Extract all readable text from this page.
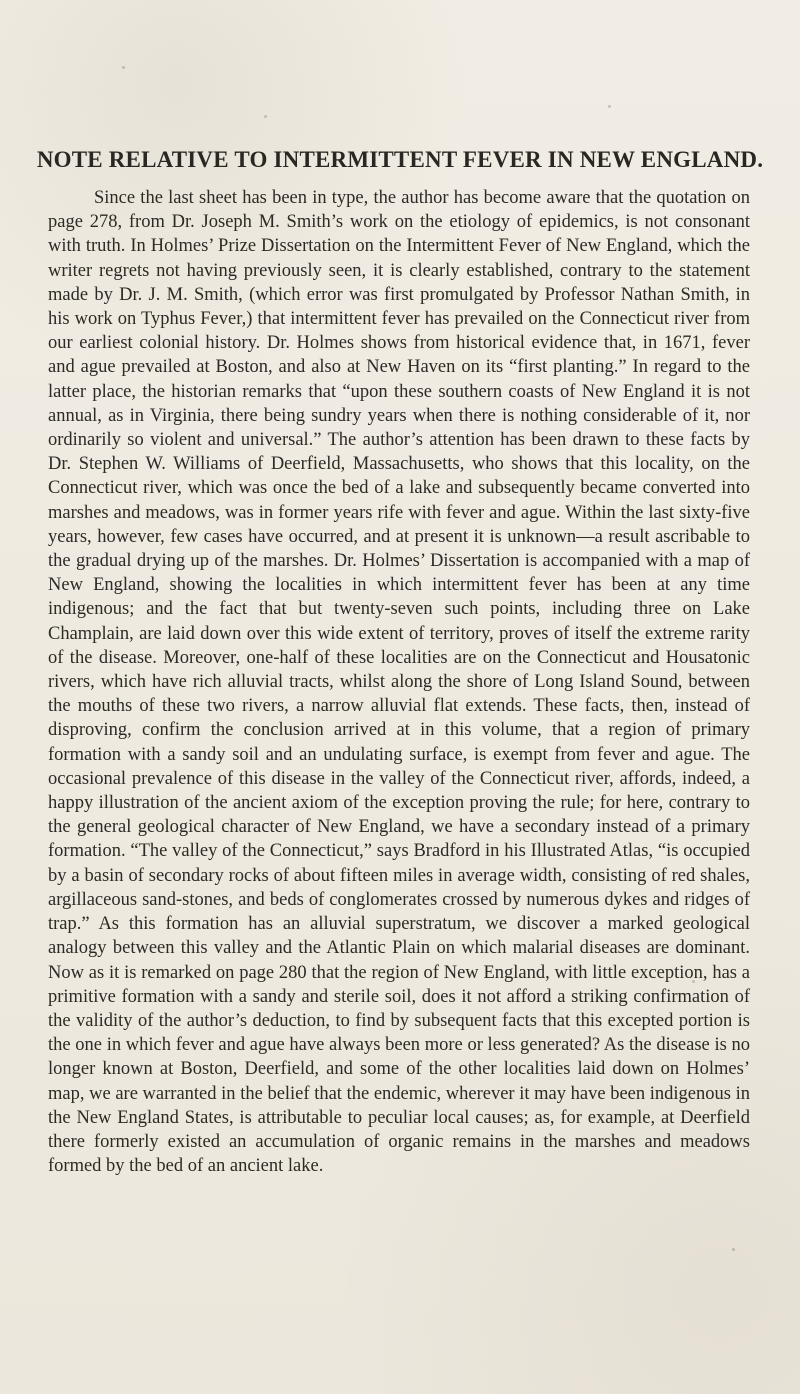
NOTE RELATIVE TO INTERMITTENT FEVER IN NEW ENGLAND.

Since the last sheet has been in type, the author has become aware that the quotation on page 278, from Dr. Joseph M. Smith’s work on the etiology of epidemics, is not consonant with truth. In Holmes’ Prize Dissertation on the Intermittent Fever of New England, which the writer regrets not having previously seen, it is clearly established, contrary to the statement made by Dr. J. M. Smith, (which error was first promulgated by Professor Nathan Smith, in his work on Typhus Fever,) that intermittent fever has prevailed on the Connecticut river from our earliest colonial history. Dr. Holmes shows from historical evidence that, in 1671, fever and ague prevailed at Boston, and also at New Haven on its “first planting.” In regard to the latter place, the historian remarks that “upon these southern coasts of New England it is not annual, as in Virginia, there being sundry years when there is nothing considerable of it, nor ordinarily so violent and universal.” The author’s attention has been drawn to these facts by Dr. Stephen W. Williams of Deerfield, Massachusetts, who shows that this locality, on the Connecticut river, which was once the bed of a lake and subsequently became converted into marshes and meadows, was in former years rife with fever and ague. Within the last sixty-five years, however, few cases have occurred, and at present it is unknown—a result ascribable to the gradual drying up of the marshes. Dr. Holmes’ Dissertation is accompanied with a map of New England, showing the localities in which intermittent fever has been at any time indigenous; and the fact that but twenty-seven such points, including three on Lake Champlain, are laid down over this wide extent of territory, proves of itself the extreme rarity of the disease. Moreover, one-half of these localities are on the Connecticut and Housatonic rivers, which have rich alluvial tracts, whilst along the shore of Long Island Sound, between the mouths of these two rivers, a narrow alluvial flat extends. These facts, then, instead of disproving, confirm the conclusion arrived at in this volume, that a region of primary formation with a sandy soil and an undulating surface, is exempt from fever and ague. The occasional prevalence of this disease in the valley of the Connecticut river, affords, indeed, a happy illustration of the ancient axiom of the exception proving the rule; for here, contrary to the general geological character of New England, we have a secondary instead of a primary formation. “The valley of the Connecticut,” says Bradford in his Illustrated Atlas, “is occupied by a basin of secondary rocks of about fifteen miles in average width, consisting of red shales, argillaceous sand-stones, and beds of conglomerates crossed by numerous dykes and ridges of trap.” As this formation has an alluvial superstratum, we discover a marked geological analogy between this valley and the Atlantic Plain on which malarial diseases are dominant. Now as it is remarked on page 280 that the region of New England, with little exception, has a primitive formation with a sandy and sterile soil, does it not afford a striking confirmation of the validity of the author’s deduction, to find by subsequent facts that this excepted portion is the one in which fever and ague have always been more or less generated? As the disease is no longer known at Boston, Deerfield, and some of the other localities laid down on Holmes’ map, we are warranted in the belief that the endemic, wherever it may have been indigenous in the New England States, is attributable to peculiar local causes; as, for example, at Deerfield there formerly existed an accumulation of organic remains in the marshes and meadows formed by the bed of an ancient lake.
